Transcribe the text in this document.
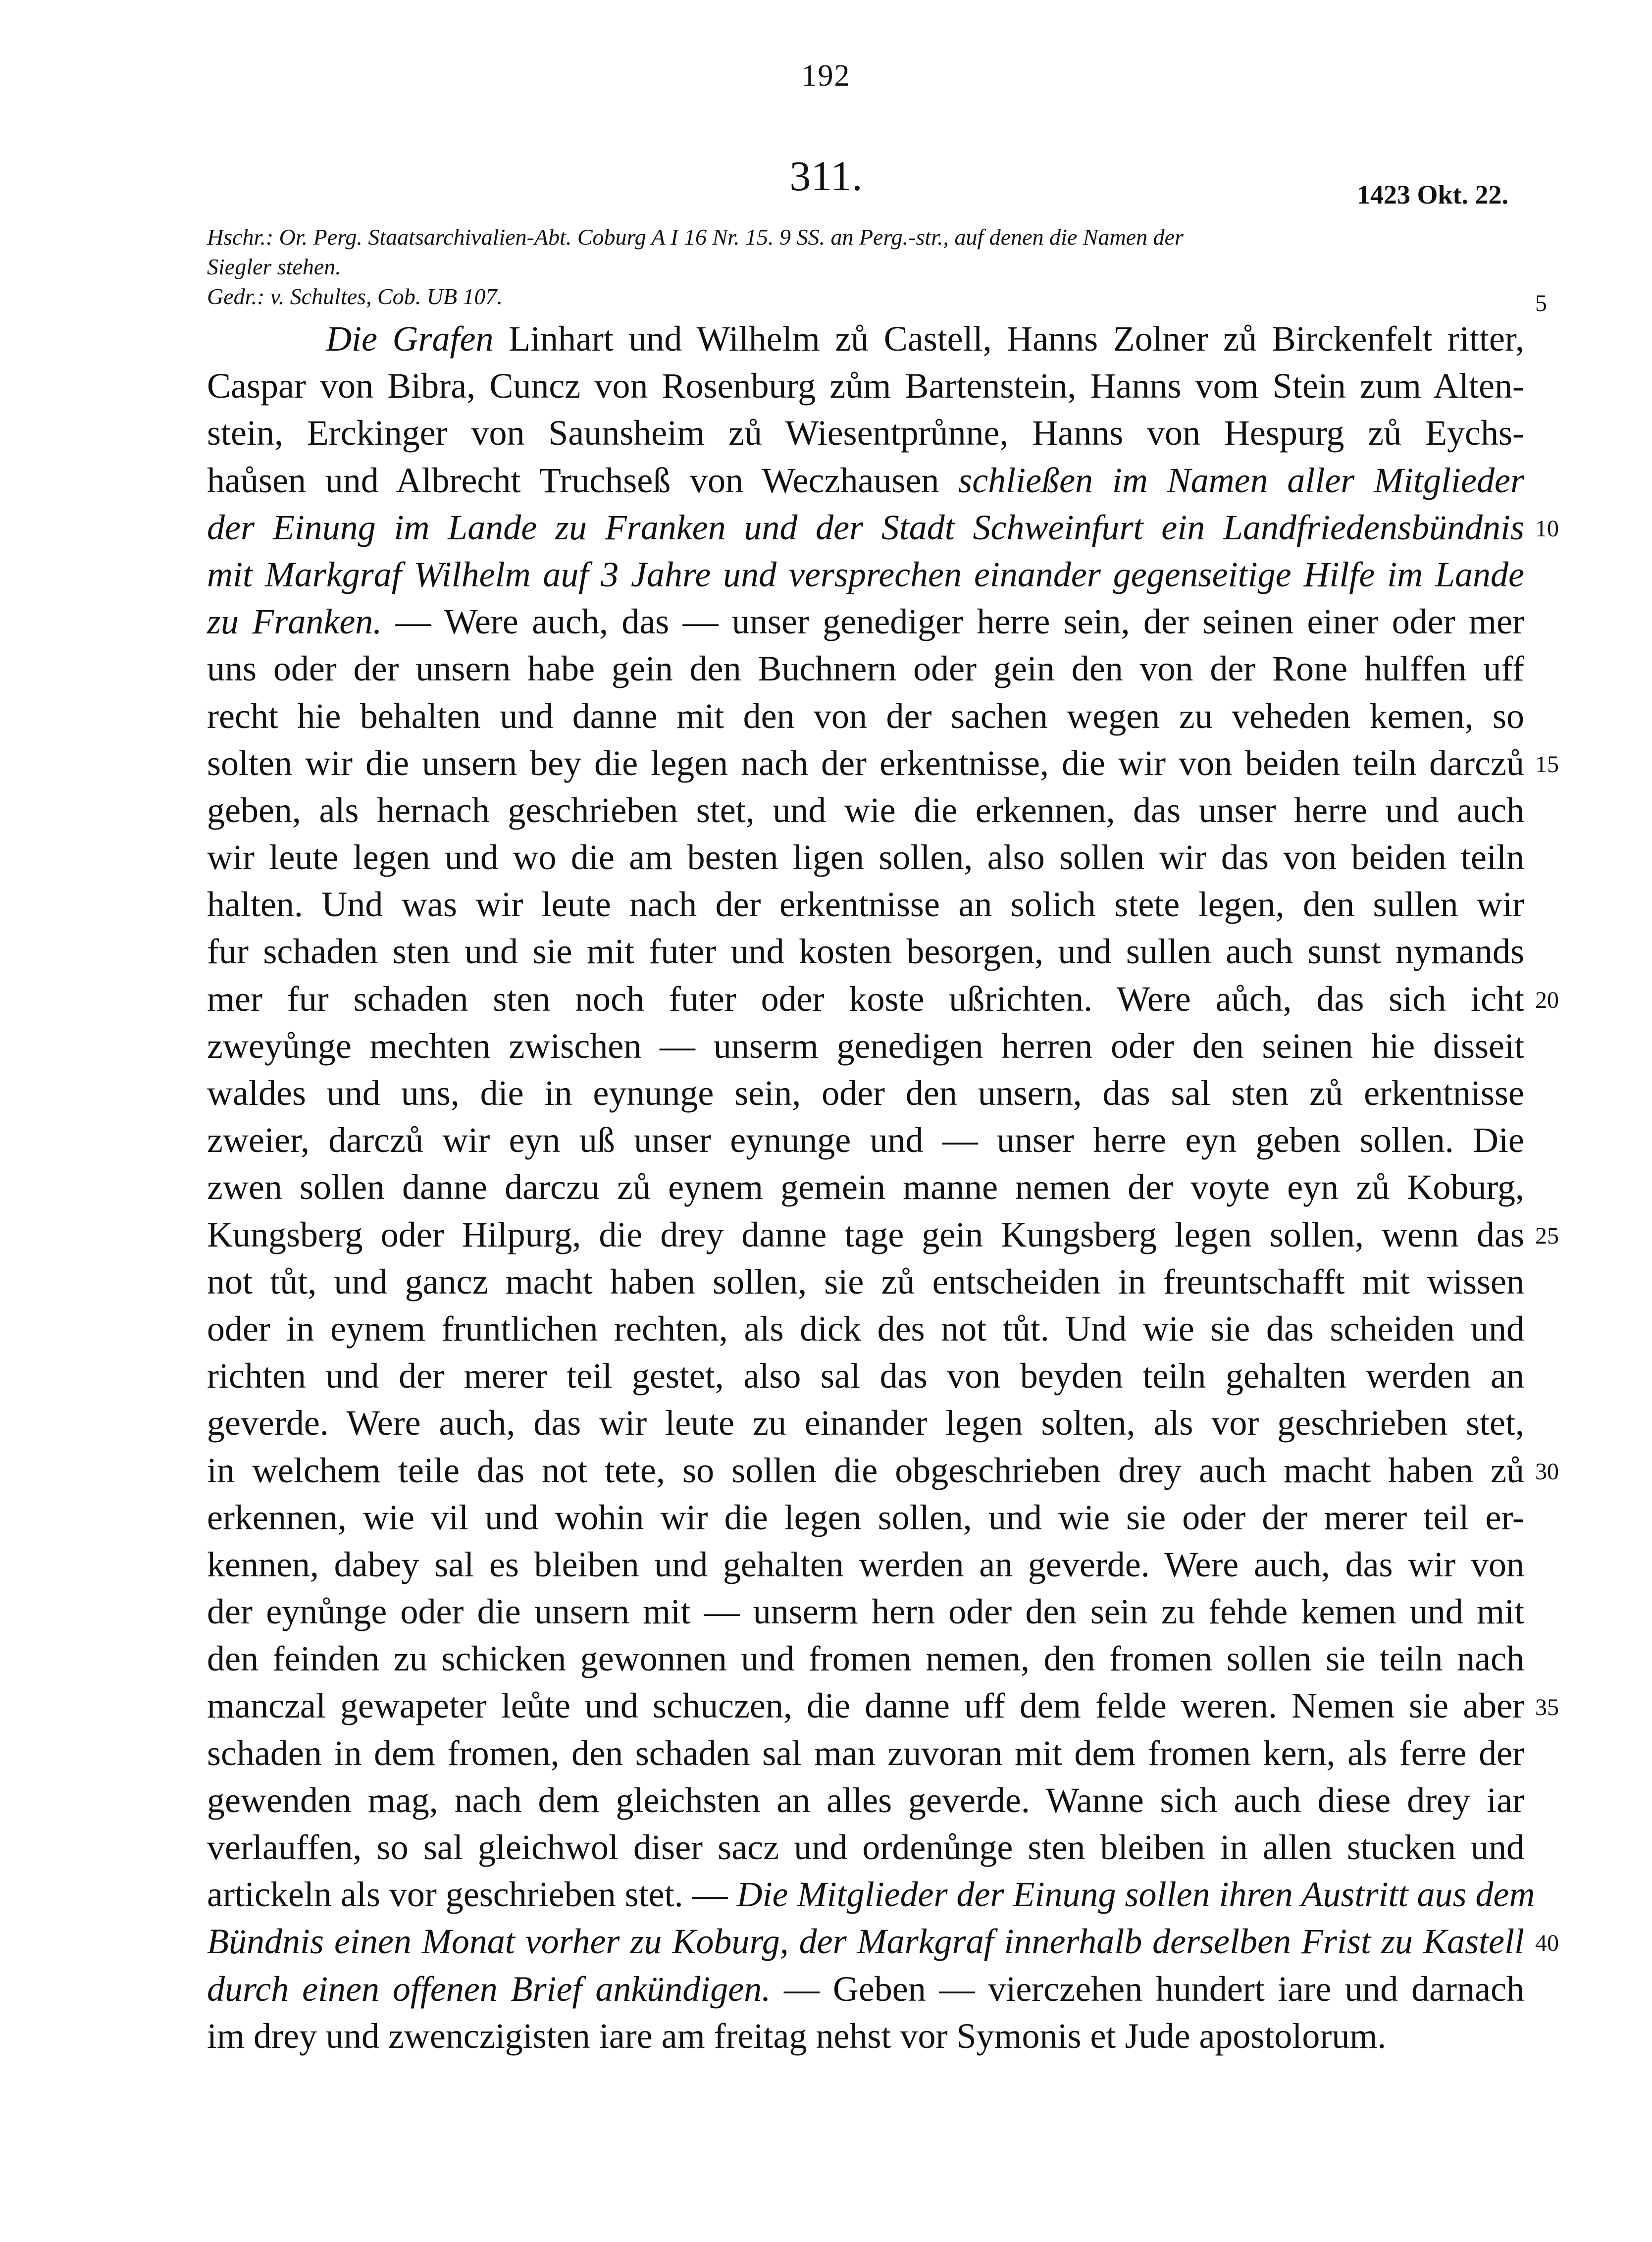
192
311.	1423 Okt. 22.
Hschr.: Or. Perg. Staatsarchivalien-Abt. Coburg A I 16 Nr. 15. 9 SS. an Perg.-str., auf denen die Namen der
Siegler stehen.
Gedr.: v. Schultes, Cob. UB 107.
Die Grafen Linhart und Wilhelm zů Castell, Hanns Zolner zů Birckenfelt ritter,
Caspar von Bibra, Cuncz von Rosenburg zům Bartenstein, Hanns vom Stein zum Alten-
stein, Erckinger von Saunsheim zů Wiesentprůnne, Hanns von Hespurg zů Eychs-
haůsen und Albrecht Truchseß von Weczhausen schließen im Namen aller Mitglieder
der Einung im Lande zu Franken und der Stadt Schweinfurt ein Landfriedensbündnis
mit Markgraf Wilhelm auf 3 Jahre und versprechen einander gegenseitige Hilfe im Lande
zu Franken. — Were auch, das — unser genediger herre sein, der seinen einer oder mer
uns oder der unsern habe gein den Buchnern oder gein den von der Rone hulffen uff
recht hie behalten und danne mit den von der sachen wegen zu veheden kemen, so
solten wir die unsern bey die legen nach der erkentnisse, die wir von beiden teiln darczů
geben, als hernach geschrieben stet, und wie die erkennen, das unser herre und auch
wir leute legen und wo die am besten ligen sollen, also sollen wir das von beiden teiln
halten. Und was wir leute nach der erkentnisse an solich stete legen, den sullen wir
fur schaden sten und sie mit futer und kosten besorgen, und sullen auch sunst nymands
mer fur schaden sten noch futer oder koste ußrichten. Were aůch, das sich icht
zweyůnge mechten zwischen — unserm genedigen herren oder den seinen hie disseit
waldes und uns, die in eynunge sein, oder den unsern, das sal sten zů erkentnisse
zweier, darczů wir eyn uß unser eynunge und — unser herre eyn geben sollen. Die
zwen sollen danne darczu zů eynem gemein manne nemen der voyte eyn zů Koburg,
Kungsberg oder Hilpurg, die drey danne tage gein Kungsberg legen sollen, wenn das
not tůt, und gancz macht haben sollen, sie zů entscheiden in freuntschafft mit wissen
oder in eynem fruntlichen rechten, als dick des not tůt. Und wie sie das scheiden und
richten und der merer teil gestet, also sal das von beyden teiln gehalten werden an
geverde. Were auch, das wir leute zu einander legen solten, als vor geschrieben stet,
in welchem teile das not tete, so sollen die obgeschrieben drey auch macht haben zů
erkennen, wie vil und wohin wir die legen sollen, und wie sie oder der merer teil er-
kennen, dabey sal es bleiben und gehalten werden an geverde. Were auch, das wir von
der eynůnge oder die unsern mit — unserm hern oder den sein zu fehde kemen und mit
den feinden zu schicken gewonnen und fromen nemen, den fromen sollen sie teiln nach
manczal gewapeter leůte und schuczen, die danne uff dem felde weren. Nemen sie aber
schaden in dem fromen, den schaden sal man zuvoran mit dem fromen kern, als ferre der
gewenden mag, nach dem gleichsten an alles geverde. Wanne sich auch diese drey iar
verlauffen, so sal gleichwol diser sacz und ordenůnge sten bleiben in allen stucken und
artickeln als vor geschrieben stet. — Die Mitglieder der Einung sollen ihren Austritt aus dem
Bündnis einen Monat vorher zu Koburg, der Markgraf innerhalb derselben Frist zu Kastell
durch einen offenen Brief ankündigen. — Geben — vierczehen hundert iare und darnach
im drey und zwenczigisten iare am freitag nehst vor Symonis et Jude apostolorum.
5
10
15
20
25
30
35
40
